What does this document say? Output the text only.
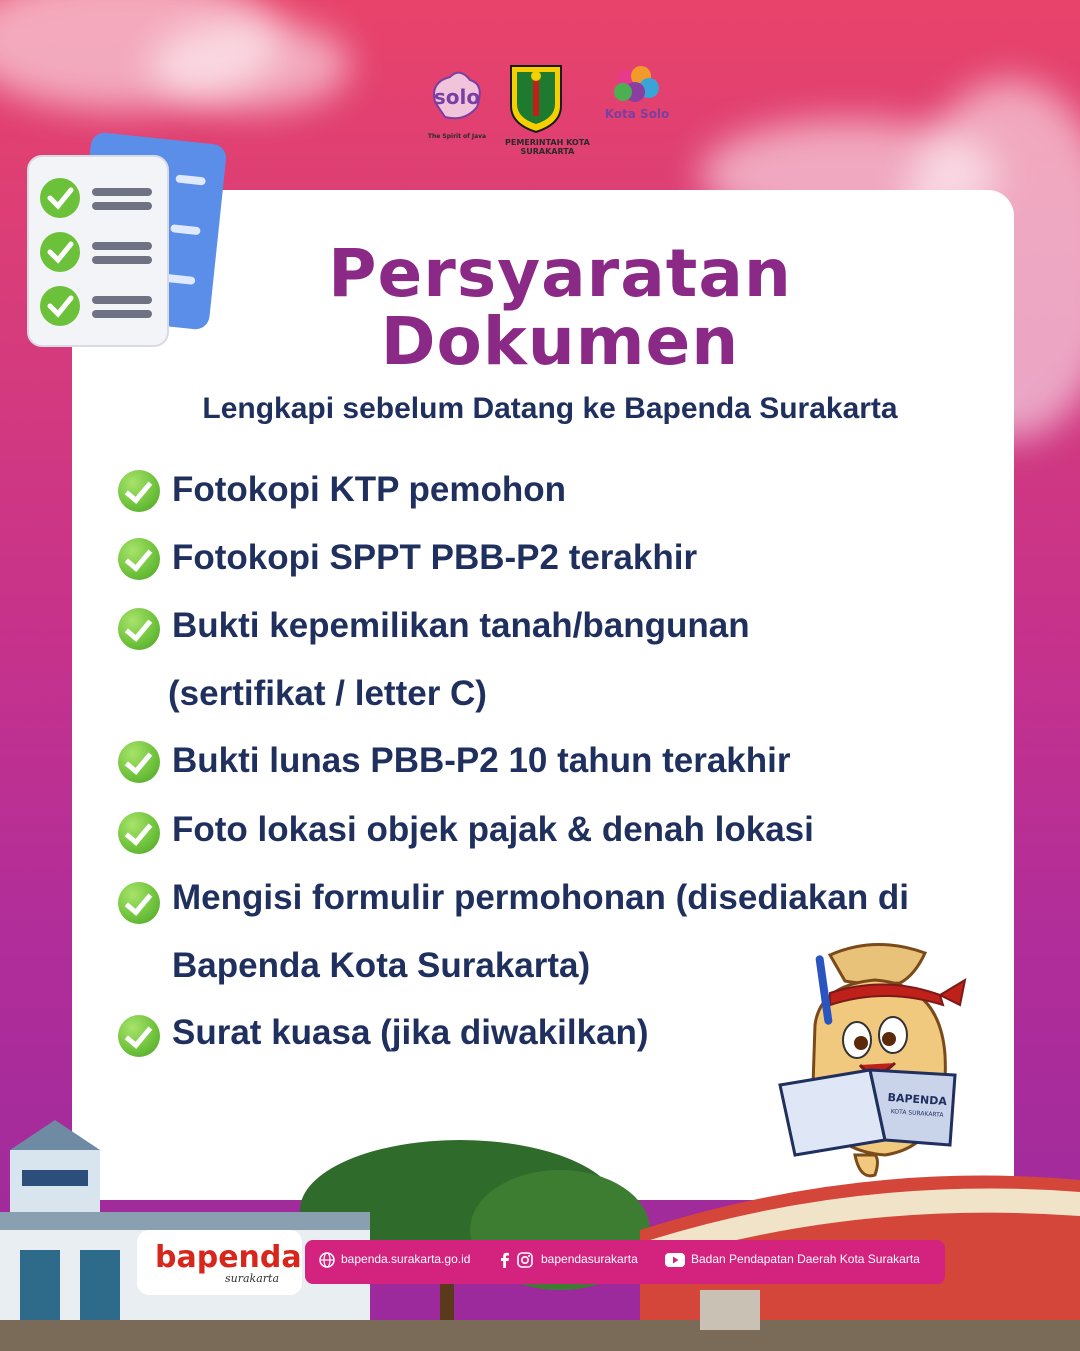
solo
The Spirit of Java
PEMERINTAH KOTA
SURAKARTA
Kota Solo
Persyaratan
Dokumen
Lengkapi sebelum Datang ke Bapenda Surakarta
Fotokopi KTP pemohon
Fotokopi SPPT PBB-P2 terakhir
Bukti kepemilikan tanah/bangunan
(sertifikat / letter C)
Bukti lunas PBB-P2 10 tahun terakhir
Foto lokasi objek pajak & denah lokasi
Mengisi formulir permohonan (disediakan di
Bapenda Kota Surakarta)
Surat kuasa (jika diwakilkan)
BAPENDA
KOTA SURAKARTA
bapenda
surakarta
bapenda.surakarta.go.id	bapendasurakarta	Badan Pendapatan Daerah Kota Surakarta
